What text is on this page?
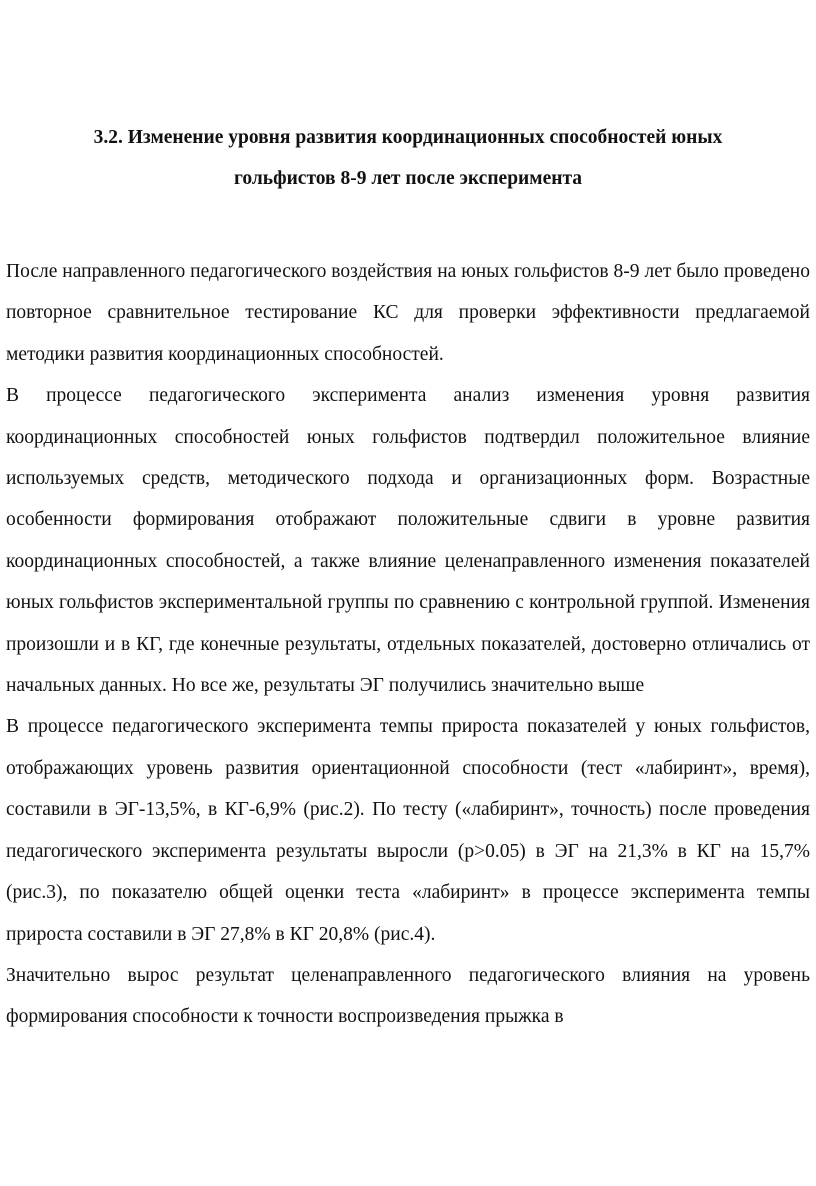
3.2. Изменение уровня развития координационных способностей юных
гольфистов 8-9 лет после эксперимента

После направленного педагогического воздействия на юных гольфистов 8-9 лет было проведено повторное сравнительное тестирование КС для проверки эффективности предлагаемой методики развития координационных способностей.

В процессе педагогического эксперимента анализ изменения уровня развития координационных способностей юных гольфистов подтвердил положительное влияние используемых средств, методического подхода и организационных форм. Возрастные особенности формирования отображают положительные сдвиги в уровне развития координационных способностей, а также влияние целенаправленного изменения показателей юных гольфистов экспериментальной группы по сравнению с контрольной группой. Изменения произошли и в КГ, где конечные результаты, отдельных показателей, достоверно отличались от начальных данных. Но все же, результаты ЭГ получились значительно выше

В процессе педагогического эксперимента темпы прироста показателей у юных гольфистов, отображающих уровень развития ориентационной способности (тест «лабиринт», время), составили в ЭГ-13,5%, в КГ-6,9% (рис.2). По тесту («лабиринт», точность) после проведения педагогического эксперимента результаты выросли (p>0.05) в ЭГ на 21,3% в КГ на 15,7% (рис.3), по показателю общей оценки теста «лабиринт» в процессе эксперимента темпы прироста составили в ЭГ 27,8% в КГ 20,8% (рис.4).

Значительно вырос результат целенаправленного педагогического влияния на уровень формирования способности к точности воспроизведения прыжка в
